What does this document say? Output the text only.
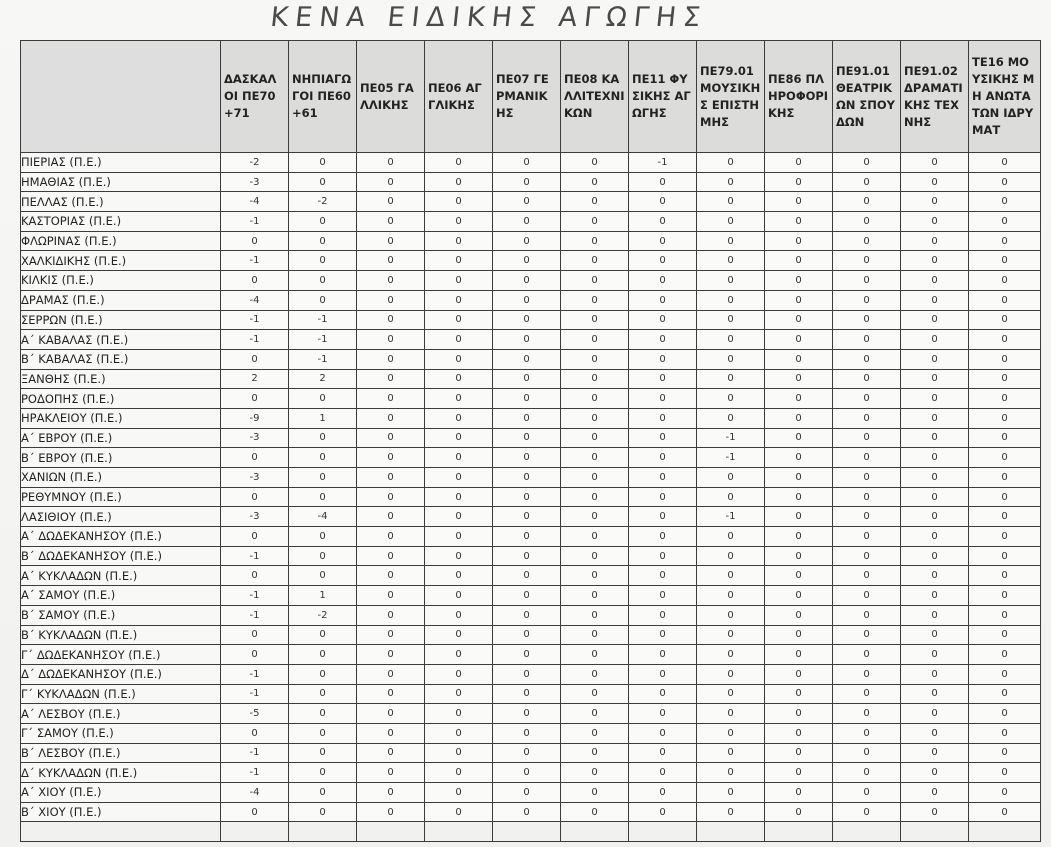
ΚΕΝΑ ΕΙΔΙΚΗΣ ΑΓΩΓΗΣ
	ΔΑΣΚΑΛΟΙ ΠΕ70+71	ΝΗΠΙΑΓΩΓΟΙ ΠΕ60+61	ΠΕ05 ΓΑΛΛΙΚΗΣ	ΠΕ06 ΑΓΓΛΙΚΗΣ	ΠΕ07 ΓΕΡΜΑΝΙΚΗΣ	ΠΕ08 ΚΑΛΛΙΤΕΧΝΙΚΩΝ	ΠΕ11 ΦΥΣΙΚΗΣ ΑΓΩΓΗΣ	ΠΕ79.01 ΜΟΥΣΙΚΗΣ ΕΠΙΣΤΗΜΗΣ	ΠΕ86 ΠΛΗΡΟΦΟΡΙΚΗΣ	ΠΕ91.01 ΘΕΑΤΡΙΚΩΝ ΣΠΟΥΔΩΝ	ΠΕ91.02 ΔΡΑΜΑΤΙΚΗΣ ΤΕΧΝΗΣ	ΤΕ16 ΜΟΥΣΙΚΗΣ ΜΗ ΑΝΩΤΑΤΩΝ ΙΔΡΥΜΑΤ
ΠΙΕΡΙΑΣ (Π.Ε.)	-2	0	0	0	0	0	-1	0	0	0	0	0
ΗΜΑΘΙΑΣ (Π.Ε.)	-3	0	0	0	0	0	0	0	0	0	0	0
ΠΕΛΛΑΣ (Π.Ε.)	-4	-2	0	0	0	0	0	0	0	0	0	0
ΚΑΣΤΟΡΙΑΣ (Π.Ε.)	-1	0	0	0	0	0	0	0	0	0	0	0
ΦΛΩΡΙΝΑΣ (Π.Ε.)	0	0	0	0	0	0	0	0	0	0	0	0
ΧΑΛΚΙΔΙΚΗΣ (Π.Ε.)	-1	0	0	0	0	0	0	0	0	0	0	0
ΚΙΛΚΙΣ (Π.Ε.)	0	0	0	0	0	0	0	0	0	0	0	0
ΔΡΑΜΑΣ (Π.Ε.)	-4	0	0	0	0	0	0	0	0	0	0	0
ΣΕΡΡΩΝ (Π.Ε.)	-1	-1	0	0	0	0	0	0	0	0	0	0
Α΄ ΚΑΒΑΛΑΣ (Π.Ε.)	-1	-1	0	0	0	0	0	0	0	0	0	0
Β΄ ΚΑΒΑΛΑΣ (Π.Ε.)	0	-1	0	0	0	0	0	0	0	0	0	0
ΞΑΝΘΗΣ (Π.Ε.)	2	2	0	0	0	0	0	0	0	0	0	0
ΡΟΔΟΠΗΣ (Π.Ε.)	0	0	0	0	0	0	0	0	0	0	0	0
ΗΡΑΚΛΕΙΟΥ (Π.Ε.)	-9	1	0	0	0	0	0	0	0	0	0	0
Α΄ ΕΒΡΟΥ (Π.Ε.)	-3	0	0	0	0	0	0	-1	0	0	0	0
Β΄ ΕΒΡΟΥ (Π.Ε.)	0	0	0	0	0	0	0	-1	0	0	0	0
ΧΑΝΙΩΝ (Π.Ε.)	-3	0	0	0	0	0	0	0	0	0	0	0
ΡΕΘΥΜΝΟΥ (Π.Ε.)	0	0	0	0	0	0	0	0	0	0	0	0
ΛΑΣΙΘΙΟΥ (Π.Ε.)	-3	-4	0	0	0	0	0	-1	0	0	0	0
Α΄ ΔΩΔΕΚΑΝΗΣΟΥ (Π.Ε.)	0	0	0	0	0	0	0	0	0	0	0	0
Β΄ ΔΩΔΕΚΑΝΗΣΟΥ (Π.Ε.)	-1	0	0	0	0	0	0	0	0	0	0	0
Α΄ ΚΥΚΛΑΔΩΝ (Π.Ε.)	0	0	0	0	0	0	0	0	0	0	0	0
Α΄ ΣΑΜΟΥ (Π.Ε.)	-1	1	0	0	0	0	0	0	0	0	0	0
Β΄ ΣΑΜΟΥ (Π.Ε.)	-1	-2	0	0	0	0	0	0	0	0	0	0
Β΄ ΚΥΚΛΑΔΩΝ (Π.Ε.)	0	0	0	0	0	0	0	0	0	0	0	0
Γ΄ ΔΩΔΕΚΑΝΗΣΟΥ (Π.Ε.)	0	0	0	0	0	0	0	0	0	0	0	0
Δ΄ ΔΩΔΕΚΑΝΗΣΟΥ (Π.Ε.)	-1	0	0	0	0	0	0	0	0	0	0	0
Γ΄ ΚΥΚΛΑΔΩΝ (Π.Ε.)	-1	0	0	0	0	0	0	0	0	0	0	0
Α΄ ΛΕΣΒΟΥ (Π.Ε.)	-5	0	0	0	0	0	0	0	0	0	0	0
Γ΄ ΣΑΜΟΥ (Π.Ε.)	0	0	0	0	0	0	0	0	0	0	0	0
Β΄ ΛΕΣΒΟΥ (Π.Ε.)	-1	0	0	0	0	0	0	0	0	0	0	0
Δ΄ ΚΥΚΛΑΔΩΝ (Π.Ε.)	-1	0	0	0	0	0	0	0	0	0	0	0
Α΄ ΧΙΟΥ (Π.Ε.)	-4	0	0	0	0	0	0	0	0	0	0	0
Β΄ ΧΙΟΥ (Π.Ε.)	0	0	0	0	0	0	0	0	0	0	0	0
